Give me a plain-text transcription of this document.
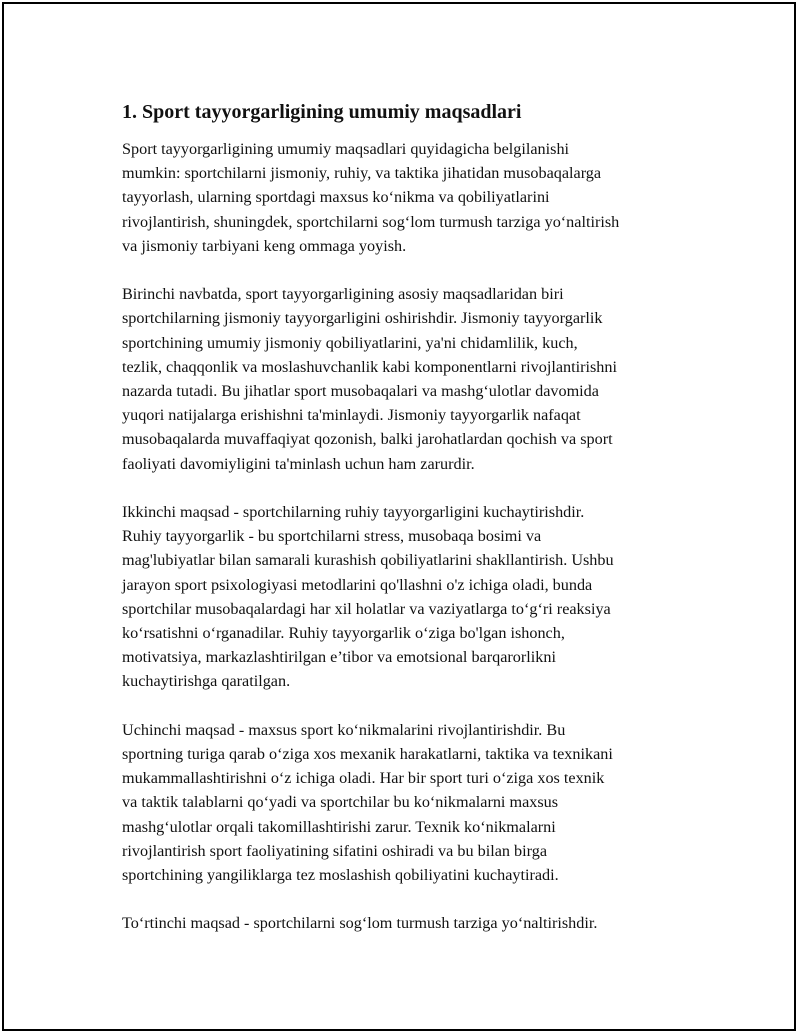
1. Sport tayyorgarligining umumiy maqsadlari

Sport tayyorgarligining umumiy maqsadlari quyidagicha belgilanishi
mumkin: sportchilarni jismoniy, ruhiy, va taktika jihatidan musobaqalarga
tayyorlash, ularning sportdagi maxsus koʻnikma va qobiliyatlarini
rivojlantirish, shuningdek, sportchilarni sogʻlom turmush tarziga yoʻnaltirish
va jismoniy tarbiyani keng ommaga yoyish.

Birinchi navbatda, sport tayyorgarligining asosiy maqsadlaridan biri
sportchilarning jismoniy tayyorgarligini oshirishdir. Jismoniy tayyorgarlik
sportchining umumiy jismoniy qobiliyatlarini, ya'ni chidamlilik, kuch,
tezlik, chaqqonlik va moslashuvchanlik kabi komponentlarni rivojlantirishni
nazarda tutadi. Bu jihatlar sport musobaqalari va mashgʻulotlar davomida
yuqori natijalarga erishishni ta'minlaydi. Jismoniy tayyorgarlik nafaqat
musobaqalarda muvaffaqiyat qozonish, balki jarohatlardan qochish va sport
faoliyati davomiyligini ta'minlash uchun ham zarurdir.

Ikkinchi maqsad - sportchilarning ruhiy tayyorgarligini kuchaytirishdir.
Ruhiy tayyorgarlik - bu sportchilarni stress, musobaqa bosimi va
mag'lubiyatlar bilan samarali kurashish qobiliyatlarini shakllantirish. Ushbu
jarayon sport psixologiyasi metodlarini qo'llashni o'z ichiga oladi, bunda
sportchilar musobaqalardagi har xil holatlar va vaziyatlarga toʻgʻri reaksiya
koʻrsatishni oʻrganadilar. Ruhiy tayyorgarlik oʻziga bo'lgan ishonch,
motivatsiya, markazlashtirilgan e’tibor va emotsional barqarorlikni
kuchaytirishga qaratilgan.

Uchinchi maqsad - maxsus sport koʻnikmalarini rivojlantirishdir. Bu
sportning turiga qarab oʻziga xos mexanik harakatlarni, taktika va texnikani
mukammallashtirishni oʻz ichiga oladi. Har bir sport turi oʻziga xos texnik
va taktik talablarni qoʻyadi va sportchilar bu koʻnikmalarni maxsus
mashgʻulotlar orqali takomillashtirishi zarur. Texnik koʻnikmalarni
rivojlantirish sport faoliyatining sifatini oshiradi va bu bilan birga
sportchining yangiliklarga tez moslashish qobiliyatini kuchaytiradi.

Toʻrtinchi maqsad - sportchilarni sogʻlom turmush tarziga yoʻnaltirishdir.
